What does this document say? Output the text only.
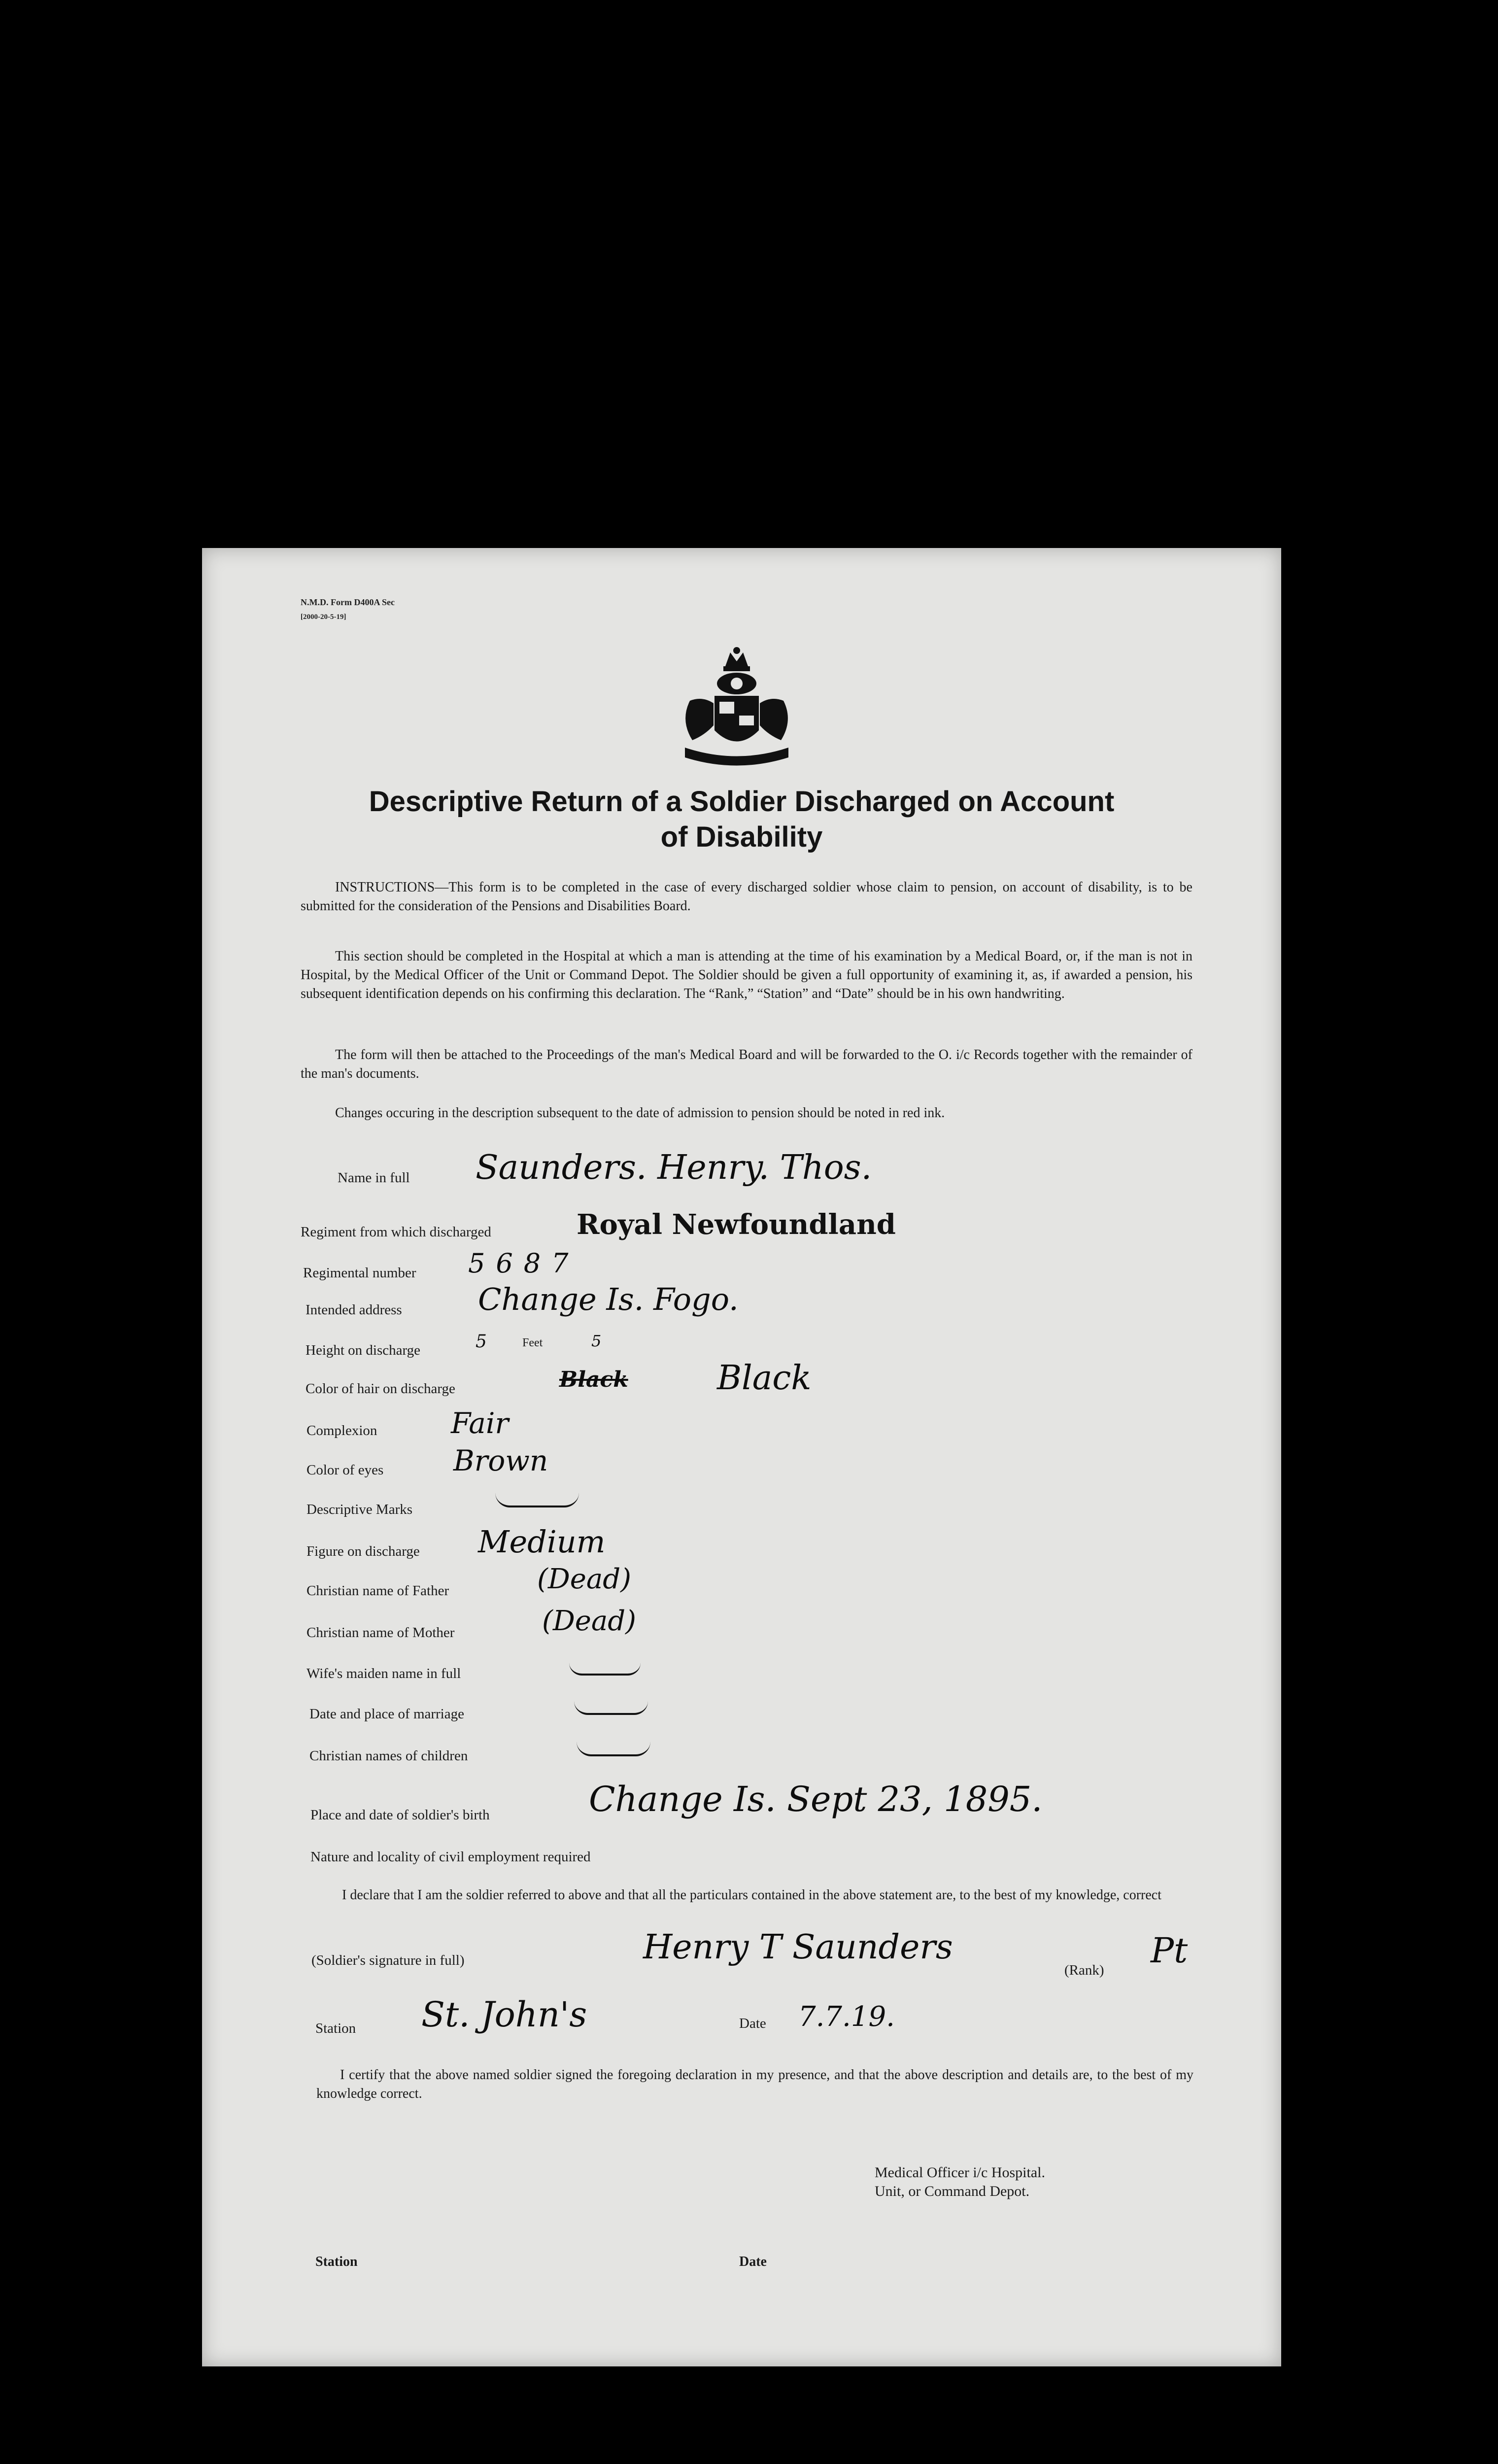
N.M.D. Form D400A Sec
[2000-20-5-19]
Descriptive Return of a Soldier Discharged on Account
of Disability
INSTRUCTIONS—This form is to be completed in the case of every discharged soldier whose claim to pension, on account of disability, is to be submitted for the consideration of the Pensions and Disabilities Board.
This section should be completed in the Hospital at which a man is attending at the time of his examination by a Medical Board, or, if the man is not in Hospital, by the Medical Officer of the Unit or Command Depot. The Soldier should be given a full opportunity of examining it, as, if awarded a pension, his subsequent identification depends on his confirming this declaration. The “Rank,” “Station” and “Date” should be in his own handwriting.
The form will then be attached to the Proceedings of the man's Medical Board and will be forwarded to the O. i/c Records together with the remainder of the man's documents.
Changes occuring in the description subsequent to the date of admission to pension should be noted in red ink.
Name in full Saunders. Henry. Thos.
Regiment from which discharged	Royal Newfoundland
Regimental number 5687
Intended address Change Is. Fogo.
Height on discharge	5	Feet	5
Color of hair on discharge	Black	Black
Complexion	Fair
Color of eyes Brown
Descriptive Marks
Figure on discharge Medium
Christian name of Father	(Dead)
Christian name of Mother	(Dead)
Wife's maiden name in full
Date and place of marriage
Christian names of children
Place and date of soldier's birth	Change Is. Sept 23, 1895.
Nature and locality of civil employment required
I declare that I am the soldier referred to above and that all the particulars contained in the above statement are, to the best of my knowledge, correct
(Soldier's signature in full)	Henry T Saunders
(Rank) Pt
Station St. John's	Date 7.7.19.
I certify that the above named soldier signed the foregoing declaration in my presence, and that the above description and details are, to the best of my knowledge correct.
Medical Officer i/c Hospital.
Unit, or Command Depot.
Station	Date
